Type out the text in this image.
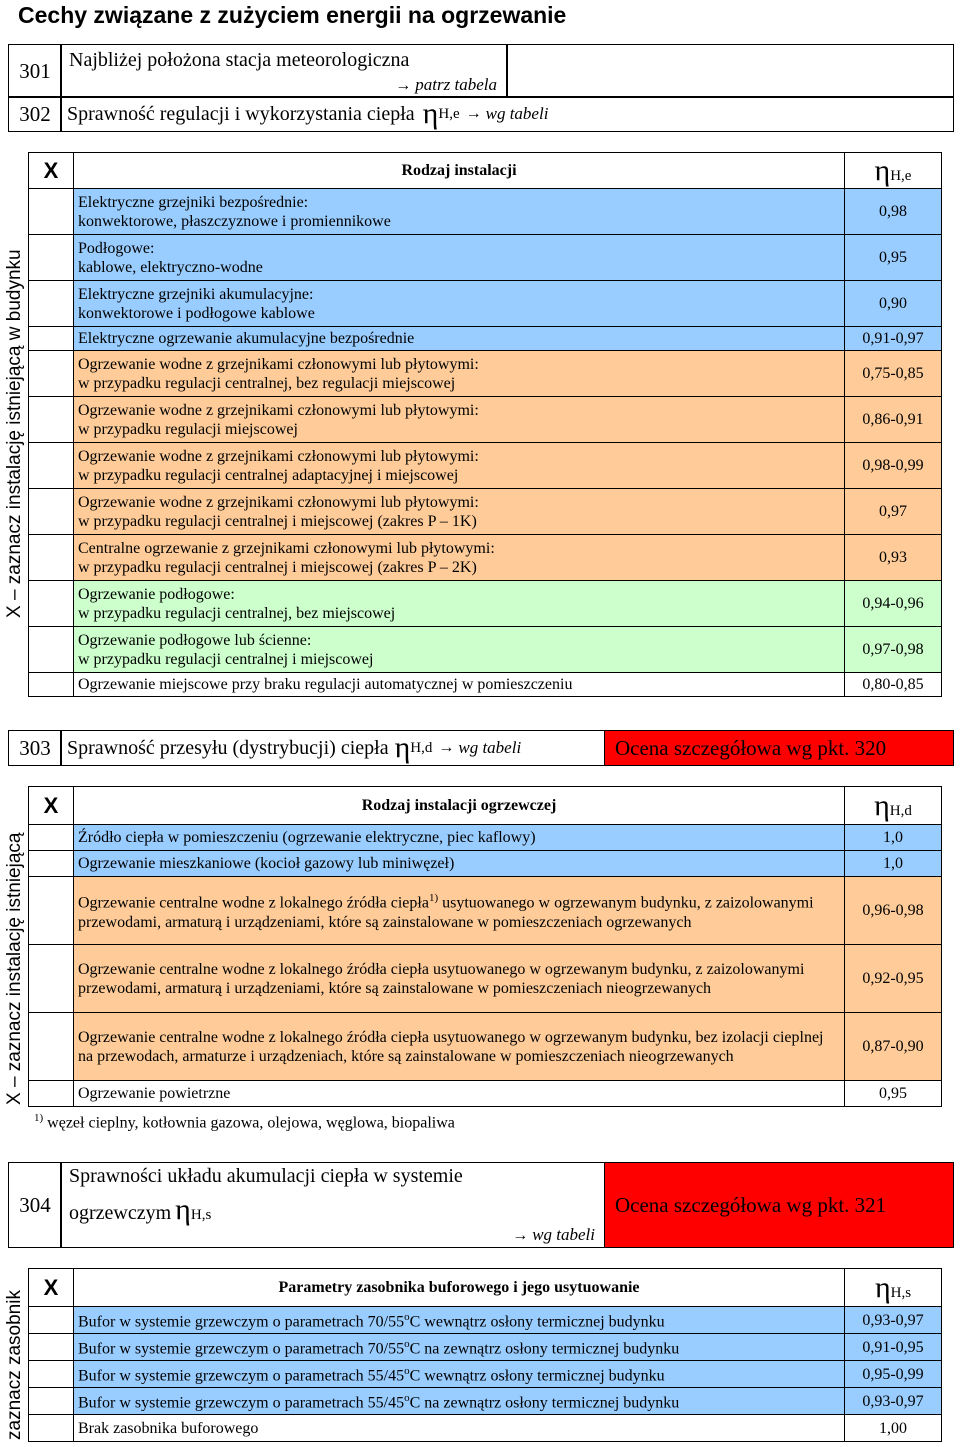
Cechy związane z zużyciem energii na ogrzewanie
301 Najbliżej położona stacja meteorologiczna
→ patrz tabela
302 Sprawność regulacji i wykorzystania ciepła η H,e → wg tabeli
X – zaznacz instalację istniejącą w budynku
X	Rodzaj instalacji	ηH,e

	Elektryczne grzejniki bezpośrednie:
konwektorowe, płaszczyznowe i promiennikowe	0,98

	Podłogowe:
kablowe, elektryczno-wodne	0,95

	Elektryczne grzejniki akumulacyjne:
konwektorowe i podłogowe kablowe	0,90

	Elektryczne ogrzewanie akumulacyjne bezpośrednie	0,91-0,97

	Ogrzewanie wodne z grzejnikami członowymi lub płytowymi:
w przypadku regulacji centralnej, bez regulacji miejscowej	0,75-0,85

	Ogrzewanie wodne z grzejnikami członowymi lub płytowymi:
w przypadku regulacji miejscowej	0,86-0,91

	Ogrzewanie wodne z grzejnikami członowymi lub płytowymi:
w przypadku regulacji centralnej adaptacyjnej i miejscowej	0,98-0,99

	Ogrzewanie wodne z grzejnikami członowymi lub płytowymi:
w przypadku regulacji centralnej i miejscowej (zakres P – 1K)	0,97

	Centralne ogrzewanie z grzejnikami członowymi lub płytowymi:
w przypadku regulacji centralnej i miejscowej (zakres P – 2K)	0,93

	Ogrzewanie podłogowe:
w przypadku regulacji centralnej, bez miejscowej	0,94-0,96

	Ogrzewanie podłogowe lub ścienne:
w przypadku regulacji centralnej i miejscowej	0,97-0,98

	Ogrzewanie miejscowe przy braku regulacji automatycznej w pomieszczeniu	0,80-0,85
303 Sprawność przesyłu (dystrybucji) ciepła η H,d → wg tabeli	Ocena szczegółowa wg pkt. 320
X – zaznacz instalację istniejącą
X	Rodzaj instalacji ogrzewczej	ηH,d
	Źródło ciepła w pomieszczeniu (ogrzewanie elektryczne, piec kaflowy)	1,0
	Ogrzewanie mieszkaniowe (kocioł gazowy lub miniwęzeł)	1,0
	Ogrzewanie centralne wodne z lokalnego źródła ciepła$^{1)}$ usytuowanego w ogrzewanym budynku, z zaizolowanymi przewodami, armaturą i urządzeniami, które są zainstalowane w pomieszczeniach ogrzewanych	0,96-0,98
	Ogrzewanie centralne wodne z lokalnego źródła ciepła usytuowanego w ogrzewanym budynku, z zaizolowanymi przewodami, armaturą i urządzeniami, które są zainstalowane w pomieszczeniach nieogrzewanych	0,92-0,95
	Ogrzewanie centralne wodne z lokalnego źródła ciepła usytuowanego w ogrzewanym budynku, bez izolacji cieplnej na przewodach, armaturze i urządzeniach, które są zainstalowane w pomieszczeniach nieogrzewanych	0,87-0,90
	Ogrzewanie powietrzne	0,95
$^{1)}$ węzeł cieplny, kotłownia gazowa, olejowa, węglowa, biopaliwa
304
Sprawności układu akumulacji ciepła w systemie
ogrzewczym ηH,s
→ wg tabeli
Ocena szczegółowa wg pkt. 321
zaznacz zasobnik
X	Parametry zasobnika buforowego i jego usytuowanie	ηH,s
	Bufor w systemie grzewczym o parametrach 70/55$^o$C wewnątrz osłony termicznej budynku	0,93-0,97
	Bufor w systemie grzewczym o parametrach 70/55$^o$C na zewnątrz osłony termicznej budynku	0,91-0,95
	Bufor w systemie grzewczym o parametrach 55/45$^o$C wewnątrz osłony termicznej budynku	0,95-0,99
	Bufor w systemie grzewczym o parametrach 55/45$^o$C na zewnątrz osłony termicznej budynku	0,93-0,97
	Brak zasobnika buforowego	1,00
